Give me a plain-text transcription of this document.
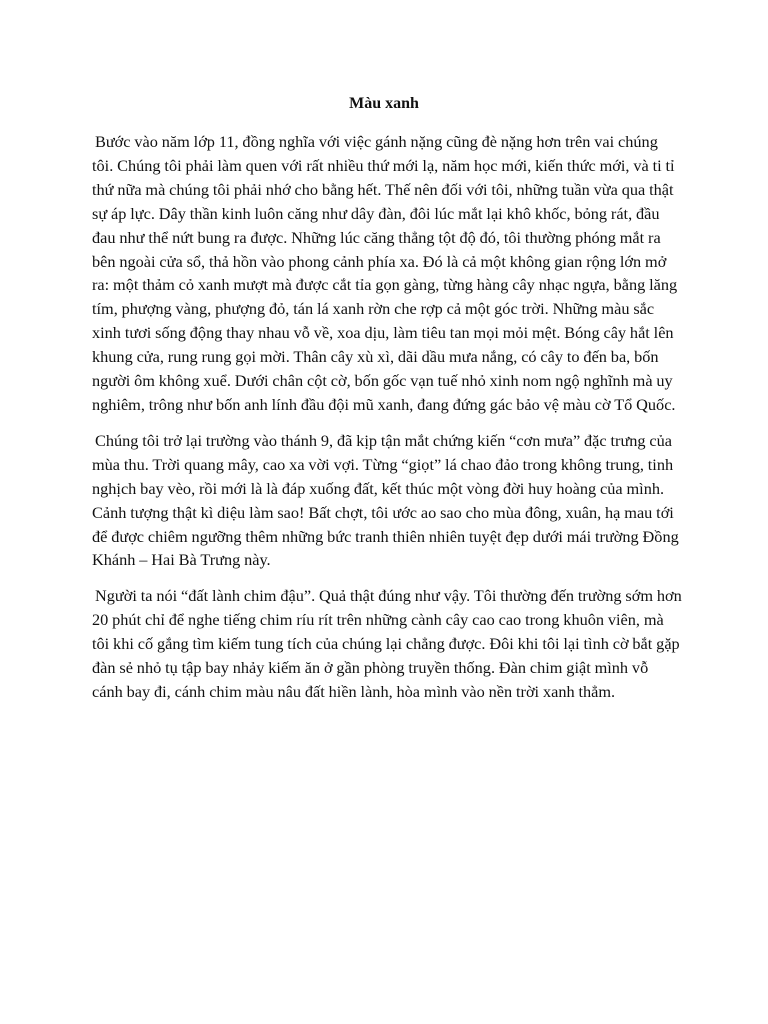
Màu xanh

Bước vào năm lớp 11, đồng nghĩa với việc gánh nặng cũng đè nặng hơn trên vai chúng tôi. Chúng tôi phải làm quen với rất nhiều thứ mới lạ, năm học mới, kiến thức mới, và ti tỉ thứ nữa mà chúng tôi phải nhớ cho bằng hết. Thế nên đối với tôi, những tuần vừa qua thật sự áp lực. Dây thần kinh luôn căng như dây đàn, đôi lúc mắt lại khô khốc, bỏng rát, đầu đau như thể nứt bung ra được. Những lúc căng thẳng tột độ đó, tôi thường phóng mắt ra bên ngoài cửa sổ, thả hồn vào phong cảnh phía xa. Đó là cả một không gian rộng lớn mở ra: một thảm cỏ xanh mượt mà được cắt tỉa gọn gàng, từng hàng cây nhạc ngựa, bằng lăng tím, phượng vàng, phượng đỏ, tán lá xanh rờn che rợp cả một góc trời. Những màu sắc xinh tươi sống động thay nhau vỗ về, xoa dịu, làm tiêu tan mọi mỏi mệt. Bóng cây hắt lên khung cửa, rung rung gọi mời. Thân cây xù xì, dãi dầu mưa nắng, có cây to đến ba, bốn người ôm không xuể. Dưới chân cột cờ, bốn gốc vạn tuế nhỏ xinh nom ngộ nghĩnh mà uy nghiêm, trông như bốn anh lính đầu đội mũ xanh, đang đứng gác bảo vệ màu cờ Tổ Quốc.

Chúng tôi trở lại trường vào thánh 9, đã kịp tận mắt chứng kiến “cơn mưa” đặc trưng của mùa thu. Trời quang mây, cao xa vời vợi. Từng “giọt” lá chao đảo trong không trung, tinh nghịch bay vèo, rồi mới là là đáp xuống đất, kết thúc một vòng đời huy hoàng của mình. Cảnh tượng thật kì diệu làm sao! Bất chợt, tôi ước ao sao cho mùa đông, xuân, hạ mau tới để được chiêm ngưỡng thêm những bức tranh thiên nhiên tuyệt đẹp dưới mái trường Đồng Khánh – Hai Bà Trưng này.

Người ta nói “đất lành chim đậu”. Quả thật đúng như vậy. Tôi thường đến trường sớm hơn 20 phút chỉ để nghe tiếng chim ríu rít trên những cành cây cao cao trong khuôn viên, mà tôi khi cố gắng tìm kiếm tung tích của chúng lại chẳng được. Đôi khi tôi lại tình cờ bắt gặp đàn sẻ nhỏ tụ tập bay nhảy kiếm ăn ở gần phòng truyền thống. Đàn chim giật mình vỗ cánh bay đi, cánh chim màu nâu đất hiền lành, hòa mình vào nền trời xanh thẳm.
